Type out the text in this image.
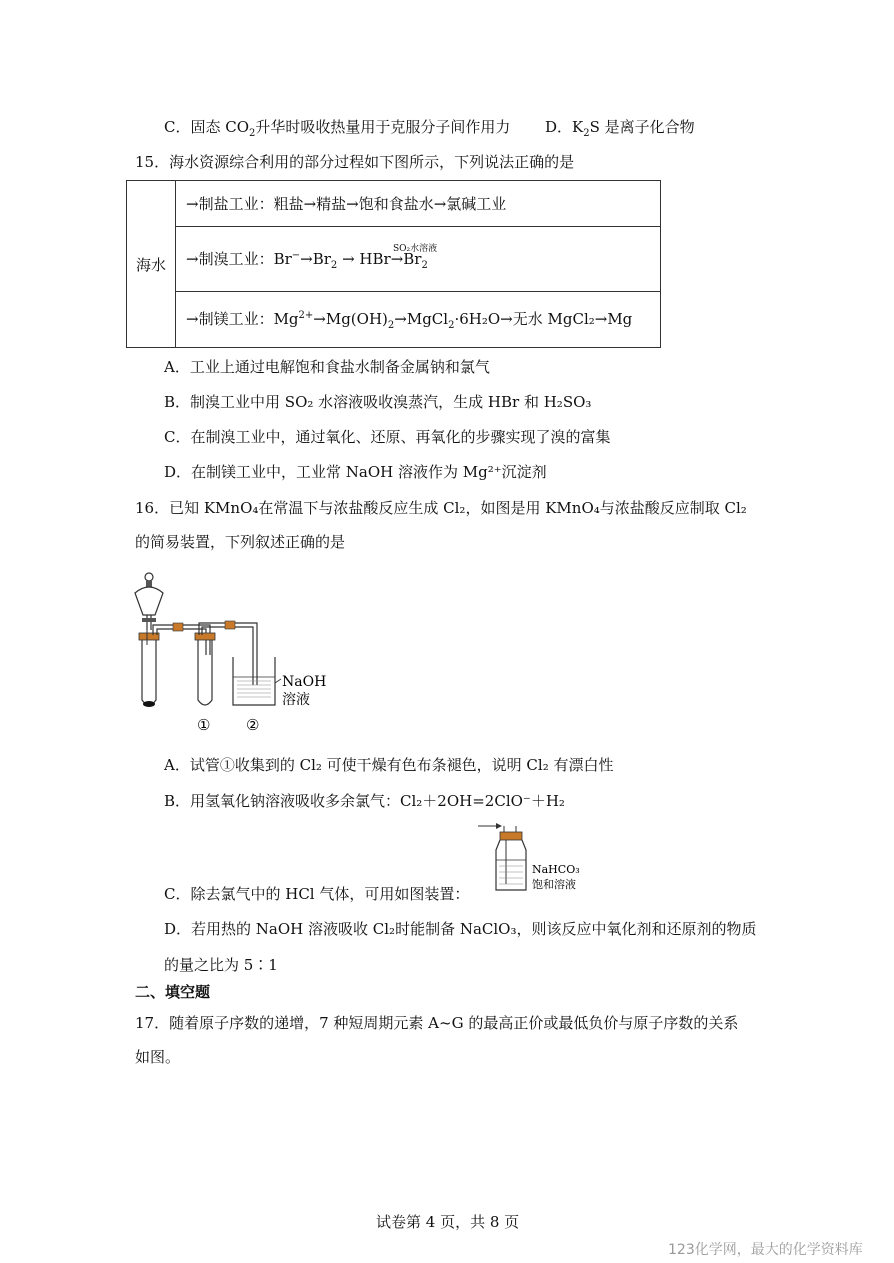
C．固态 $CO_2$升华时吸收热量用于克服分子间作用力 D．$K_2S$ 是离子化合物
15．海水资源综合利用的部分过程如下图所示，下列说法正确的是
海水	→制盐工业：粗盐→精盐→饱和食盐水→氯碱工业

SO₂水溶液
→制溴工业：$Br^-\to Br_2 \to HBr\to Br_2$
→制镁工业：$Mg^{2+}\to Mg(OH)_2\to MgCl_2\cdot 6H_2O\to$无水 MgCl₂→Mg
A．工业上通过电解饱和食盐水制备金属钠和氯气
B．制溴工业中用 SO₂ 水溶液吸收溴蒸汽，生成 HBr 和 H₂SO₃
C．在制溴工业中，通过氧化、还原、再氧化的步骤实现了溴的富集
D．在制镁工业中，工业常 NaOH 溶液作为 Mg²⁺沉淀剂
16．已知 KMnO₄在常温下与浓盐酸反应生成 Cl₂，如图是用 KMnO₄与浓盐酸反应制取 Cl₂
的简易装置，下列叙述正确的是
NaOH
溶液
① ②
A．试管①收集到的 Cl₂ 可使干燥有色布条褪色，说明 Cl₂ 有漂白性
B．用氢氧化钠溶液吸收多余氯气：Cl₂＋2OH=2ClO⁻＋H₂
NaHCO₃
饱和溶液
C．除去氯气中的 HCl 气体，可用如图装置：
D．若用热的 NaOH 溶液吸收 Cl₂时能制备 NaClO₃，则该反应中氧化剂和还原剂的物质
的量之比为 5∶1
二、填空题
17．随着原子序数的递增，7 种短周期元素 A~G 的最高正价或最低负价与原子序数的关系
如图。
试卷第 4 页，共 8 页
123化学网，最大的化学资料库
